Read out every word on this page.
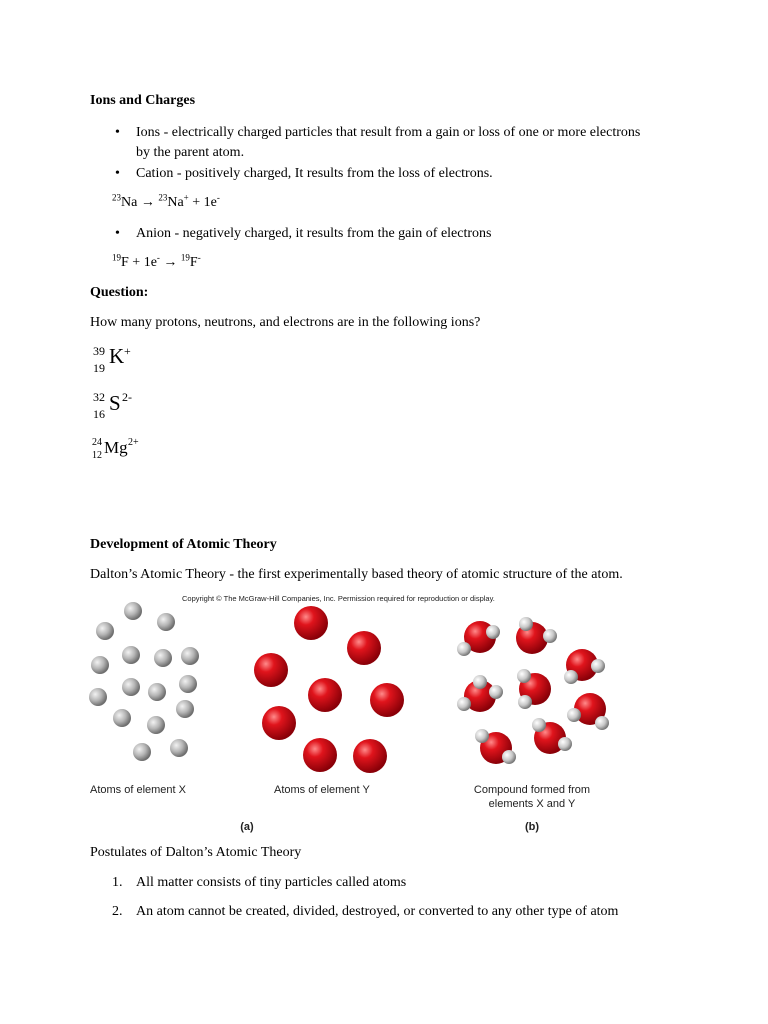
Ions and Charges
• Ions - electrically charged particles that result from a gain or loss of one or more electrons
by the parent atom.
• Cation - positively charged, It results from the loss of electrons.
$^{23}$Na → $^{23}$Na+ + 1e-
• Anion - negatively charged, it results from the gain of electrons
$^{19}$F + 1e- → $^{19}$F-
Question:
How many protons, neutrons, and electrons are in the following ions?
39
19 K +
32
16 S 2-
24
12 Mg 2+
Development of Atomic Theory
Dalton’s Atomic Theory - the first experimentally based theory of atomic structure of the atom.
Copyright © The McGraw-Hill Companies, Inc. Permission required for reproduction or display.
Atoms of element X	Atoms of element Y	Compound formed from
elements X and Y
(a)	(b)
Postulates of Dalton’s Atomic Theory
1. All matter consists of tiny particles called atoms
2. An atom cannot be created, divided, destroyed, or converted to any other type of atom
